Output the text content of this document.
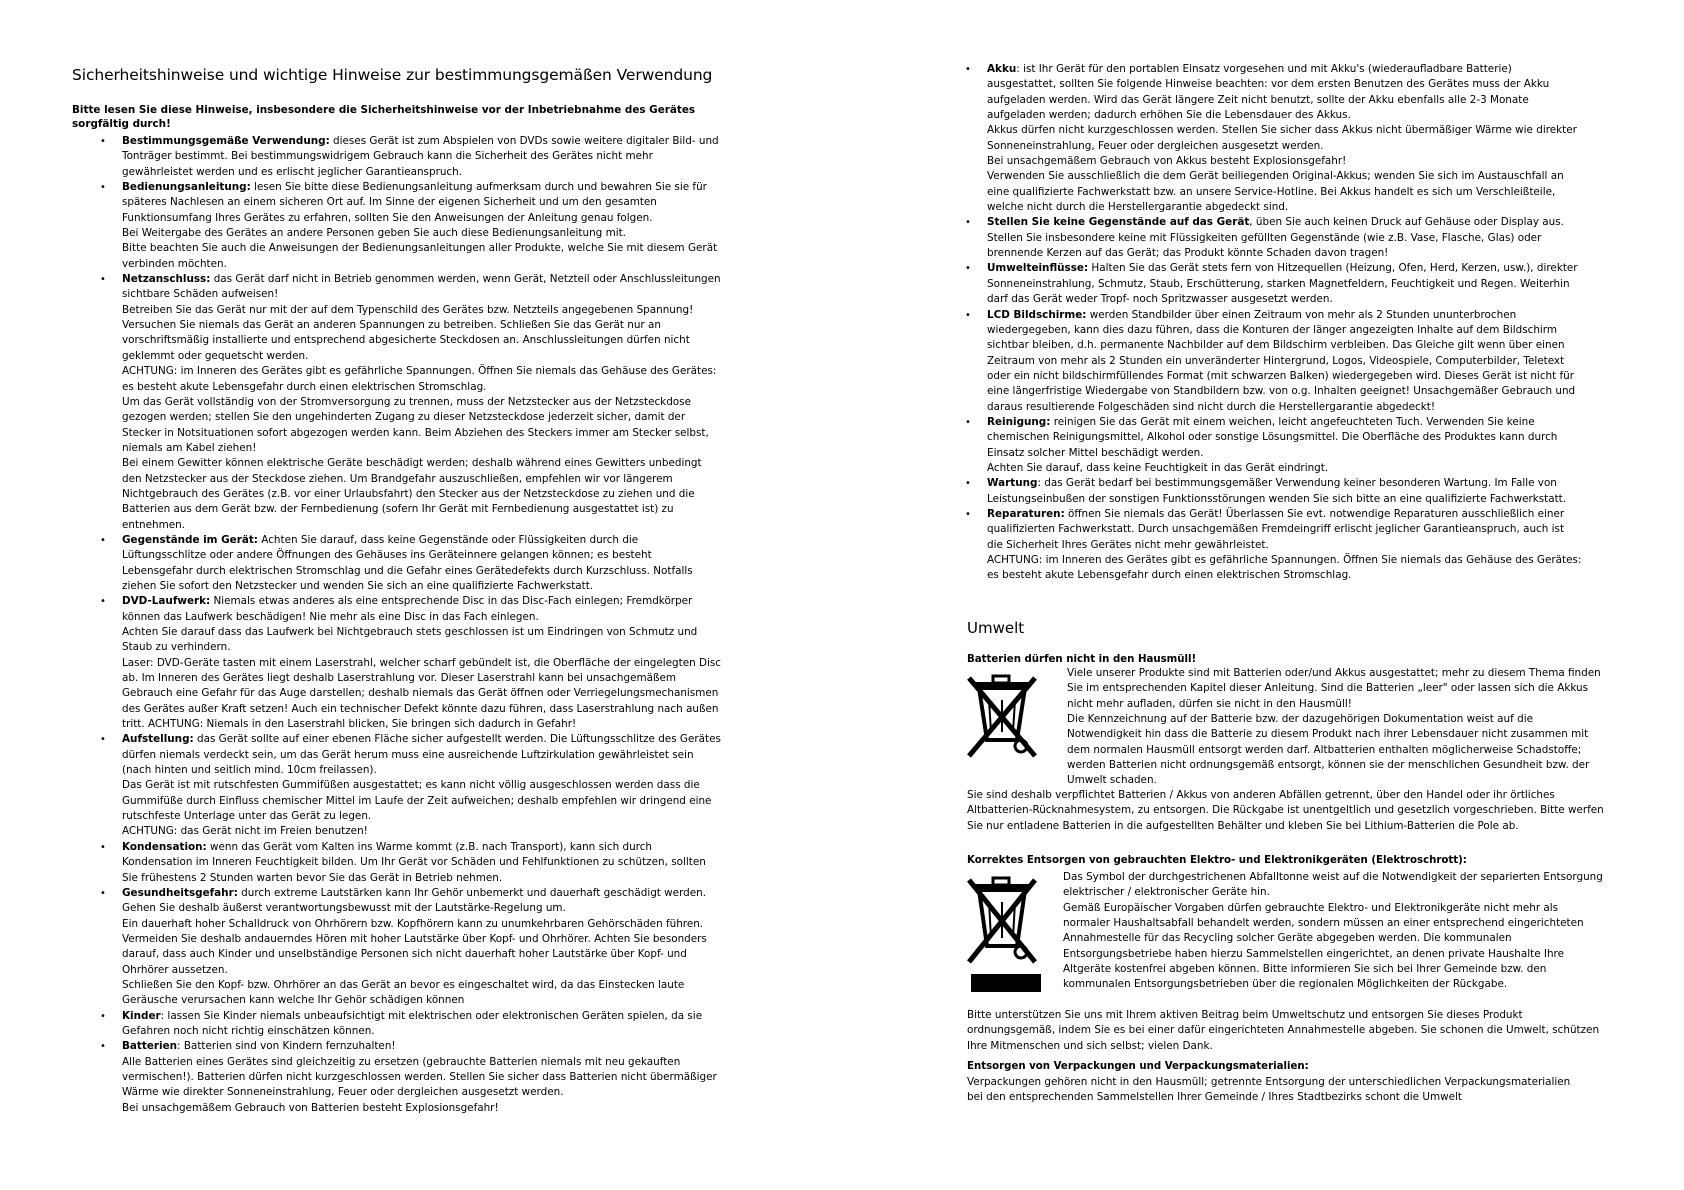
Sicherheitshinweise und wichtige Hinweise zur bestimmungsgemäßen Verwendung
Bitte lesen Sie diese Hinweise, insbesondere die Sicherheitshinweise vor der Inbetriebnahme des Gerätes sorgfältig durch!
• Bestimmungsgemäße Verwendung: dieses Gerät ist zum Abspielen von DVDs sowie weitere digitaler Bild- und Tonträger bestimmt. Bei bestimmungswidrigem Gebrauch kann die Sicherheit des Gerätes nicht mehr gewährleistet werden und es erlischt jeglicher Garantieanspruch.

• Bedienungsanleitung: lesen Sie bitte diese Bedienungsanleitung aufmerksam durch und bewahren Sie sie für späteres Nachlesen an einem sicheren Ort auf. Im Sinne der eigenen Sicherheit und um den gesamten Funktionsumfang Ihres Gerätes zu erfahren, sollten Sie den Anweisungen der Anleitung genau folgen.

Bei Weitergabe des Gerätes an andere Personen geben Sie auch diese Bedienungsanleitung mit.

Bitte beachten Sie auch die Anweisungen der Bedienungsanleitungen aller Produkte, welche Sie mit diesem Gerät verbinden möchten.

• Netzanschluss: das Gerät darf nicht in Betrieb genommen werden, wenn Gerät, Netzteil oder Anschlussleitungen sichtbare Schäden aufweisen!

Betreiben Sie das Gerät nur mit der auf dem Typenschild des Gerätes bzw. Netzteils angegebenen Spannung! Versuchen Sie niemals das Gerät an anderen Spannungen zu betreiben. Schließen Sie das Gerät nur an vorschriftsmäßig installierte und entsprechend abgesicherte Steckdosen an. Anschlussleitungen dürfen nicht geklemmt oder gequetscht werden.

ACHTUNG: im Inneren des Gerätes gibt es gefährliche Spannungen. Öffnen Sie niemals das Gehäuse des Gerätes: es besteht akute Lebensgefahr durch einen elektrischen Stromschlag.

Um das Gerät vollständig von der Stromversorgung zu trennen, muss der Netzstecker aus der Netzsteckdose gezogen werden; stellen Sie den ungehinderten Zugang zu dieser Netzsteckdose jederzeit sicher, damit der Stecker in Notsituationen sofort abgezogen werden kann. Beim Abziehen des Steckers immer am Stecker selbst, niemals am Kabel ziehen!

Bei einem Gewitter können elektrische Geräte beschädigt werden; deshalb während eines Gewitters unbedingt den Netzstecker aus der Steckdose ziehen. Um Brandgefahr auszuschließen, empfehlen wir vor längerem Nichtgebrauch des Gerätes (z.B. vor einer Urlaubsfahrt) den Stecker aus der Netzsteckdose zu ziehen und die Batterien aus dem Gerät bzw. der Fernbedienung (sofern Ihr Gerät mit Fernbedienung ausgestattet ist) zu entnehmen.

• Gegenstände im Gerät: Achten Sie darauf, dass keine Gegenstände oder Flüssigkeiten durch die Lüftungsschlitze oder andere Öffnungen des Gehäuses ins Geräteinnere gelangen können; es besteht Lebensgefahr durch elektrischen Stromschlag und die Gefahr eines Gerätedefekts durch Kurzschluss. Notfalls ziehen Sie sofort den Netzstecker und wenden Sie sich an eine qualifizierte Fachwerkstatt.

• DVD-Laufwerk: Niemals etwas anderes als eine entsprechende Disc in das Disc-Fach einlegen; Fremdkörper können das Laufwerk beschädigen! Nie mehr als eine Disc in das Fach einlegen.

Achten Sie darauf dass das Laufwerk bei Nichtgebrauch stets geschlossen ist um Eindringen von Schmutz und Staub zu verhindern.

Laser: DVD-Geräte tasten mit einem Laserstrahl, welcher scharf gebündelt ist, die Oberfläche der eingelegten Disc ab. Im Inneren des Gerätes liegt deshalb Laserstrahlung vor. Dieser Laserstrahl kann bei unsachgemäßem Gebrauch eine Gefahr für das Auge darstellen; deshalb niemals das Gerät öffnen oder Verriegelungsmechanismen des Gerätes außer Kraft setzen! Auch ein technischer Defekt könnte dazu führen, dass Laserstrahlung nach außen tritt. ACHTUNG: Niemals in den Laserstrahl blicken, Sie bringen sich dadurch in Gefahr!

• Aufstellung: das Gerät sollte auf einer ebenen Fläche sicher aufgestellt werden. Die Lüftungsschlitze des Gerätes dürfen niemals verdeckt sein, um das Gerät herum muss eine ausreichende Luftzirkulation gewährleistet sein (nach hinten und seitlich mind. 10cm freilassen).

Das Gerät ist mit rutschfesten Gummifüßen ausgestattet; es kann nicht völlig ausgeschlossen werden dass die Gummifüße durch Einfluss chemischer Mittel im Laufe der Zeit aufweichen; deshalb empfehlen wir dringend eine rutschfeste Unterlage unter das Gerät zu legen.

ACHTUNG: das Gerät nicht im Freien benutzen!

• Kondensation: wenn das Gerät vom Kalten ins Warme kommt (z.B. nach Transport), kann sich durch Kondensation im Inneren Feuchtigkeit bilden. Um Ihr Gerät vor Schäden und Fehlfunktionen zu schützen, sollten Sie frühestens 2 Stunden warten bevor Sie das Gerät in Betrieb nehmen.

• Gesundheitsgefahr: durch extreme Lautstärken kann Ihr Gehör unbemerkt und dauerhaft geschädigt werden. Gehen Sie deshalb äußerst verantwortungsbewusst mit der Lautstärke-Regelung um.

Ein dauerhaft hoher Schalldruck von Ohrhörern bzw. Kopfhörern kann zu unumkehrbaren Gehörschäden führen. Vermeiden Sie deshalb andauerndes Hören mit hoher Lautstärke über Kopf- und Ohrhörer. Achten Sie besonders darauf, dass auch Kinder und unselbständige Personen sich nicht dauerhaft hoher Lautstärke über Kopf- und Ohrhörer aussetzen.

Schließen Sie den Kopf- bzw. Ohrhörer an das Gerät an bevor es eingeschaltet wird, da das Einstecken laute Geräusche verursachen kann welche Ihr Gehör schädigen können

• Kinder: lassen Sie Kinder niemals unbeaufsichtigt mit elektrischen oder elektronischen Geräten spielen, da sie Gefahren noch nicht richtig einschätzen können.

• Batterien: Batterien sind von Kindern fernzuhalten!

Alle Batterien eines Gerätes sind gleichzeitig zu ersetzen (gebrauchte Batterien niemals mit neu gekauften vermischen!). Batterien dürfen nicht kurzgeschlossen werden. Stellen Sie sicher dass Batterien nicht übermäßiger Wärme wie direkter Sonneneinstrahlung, Feuer oder dergleichen ausgesetzt werden.

Bei unsachgemäßem Gebrauch von Batterien besteht Explosionsgefahr!

• Akku: ist Ihr Gerät für den portablen Einsatz vorgesehen und mit Akku's (wiederaufladbare Batterie) ausgestattet, sollten Sie folgende Hinweise beachten: vor dem ersten Benutzen des Gerätes muss der Akku aufgeladen werden. Wird das Gerät längere Zeit nicht benutzt, sollte der Akku ebenfalls alle 2-3 Monate aufgeladen werden; dadurch erhöhen Sie die Lebensdauer des Akkus.

Akkus dürfen nicht kurzgeschlossen werden. Stellen Sie sicher dass Akkus nicht übermäßiger Wärme wie direkter Sonneneinstrahlung, Feuer oder dergleichen ausgesetzt werden.

Bei unsachgemäßem Gebrauch von Akkus besteht Explosionsgefahr!

Verwenden Sie ausschließlich die dem Gerät beiliegenden Original-Akkus; wenden Sie sich im Austauschfall an eine qualifizierte Fachwerkstatt bzw. an unsere Service-Hotline. Bei Akkus handelt es sich um Verschleißteile, welche nicht durch die Herstellergarantie abgedeckt sind.

• Stellen Sie keine Gegenstände auf das Gerät, üben Sie auch keinen Druck auf Gehäuse oder Display aus. Stellen Sie insbesondere keine mit Flüssigkeiten gefüllten Gegenstände (wie z.B. Vase, Flasche, Glas) oder brennende Kerzen auf das Gerät; das Produkt könnte Schaden davon tragen!

• Umwelteinflüsse: Halten Sie das Gerät stets fern von Hitzequellen (Heizung, Ofen, Herd, Kerzen, usw.), direkter Sonneneinstrahlung, Schmutz, Staub, Erschütterung, starken Magnetfeldern, Feuchtigkeit und Regen. Weiterhin darf das Gerät weder Tropf- noch Spritzwasser ausgesetzt werden.

• LCD Bildschirme: werden Standbilder über einen Zeitraum von mehr als 2 Stunden ununterbrochen wiedergegeben, kann dies dazu führen, dass die Konturen der länger angezeigten Inhalte auf dem Bildschirm sichtbar bleiben, d.h. permanente Nachbilder auf dem Bildschirm verbleiben. Das Gleiche gilt wenn über einen Zeitraum von mehr als 2 Stunden ein unveränderter Hintergrund, Logos, Videospiele, Computerbilder, Teletext oder ein nicht bildschirmfüllendes Format (mit schwarzen Balken) wiedergegeben wird. Dieses Gerät ist nicht für eine längerfristige Wiedergabe von Standbildern bzw. von o.g. Inhalten geeignet! Unsachgemäßer Gebrauch und daraus resultierende Folgeschäden sind nicht durch die Herstellergarantie abgedeckt!

• Reinigung: reinigen Sie das Gerät mit einem weichen, leicht angefeuchteten Tuch. Verwenden Sie keine chemischen Reinigungsmittel, Alkohol oder sonstige Lösungsmittel. Die Oberfläche des Produktes kann durch Einsatz solcher Mittel beschädigt werden.

Achten Sie darauf, dass keine Feuchtigkeit in das Gerät eindringt.

• Wartung: das Gerät bedarf bei bestimmungsgemäßer Verwendung keiner besonderen Wartung. Im Falle von Leistungseinbußen der sonstigen Funktionsstörungen wenden Sie sich bitte an eine qualifizierte Fachwerkstatt.

• Reparaturen: öffnen Sie niemals das Gerät! Überlassen Sie evt. notwendige Reparaturen ausschließlich einer qualifizierten Fachwerkstatt. Durch unsachgemäßen Fremdeingriff erlischt jeglicher Garantieanspruch, auch ist die Sicherheit Ihres Gerätes nicht mehr gewährleistet.

ACHTUNG: im Inneren des Gerätes gibt es gefährliche Spannungen. Öffnen Sie niemals das Gehäuse des Gerätes: es besteht akute Lebensgefahr durch einen elektrischen Stromschlag.

Umwelt
Batterien dürfen nicht in den Hausmüll!

Viele unserer Produkte sind mit Batterien oder/und Akkus ausgestattet; mehr zu diesem Thema finden Sie im entsprechenden Kapitel dieser Anleitung. Sind die Batterien „leer" oder lassen sich die Akkus nicht mehr aufladen, dürfen sie nicht in den Hausmüll!

Die Kennzeichnung auf der Batterie bzw. der dazugehörigen Dokumentation weist auf die Notwendigkeit hin dass die Batterie zu diesem Produkt nach ihrer Lebensdauer nicht zusammen mit dem normalen Hausmüll entsorgt werden darf. Altbatterien enthalten möglicherweise Schadstoffe; werden Batterien nicht ordnungsgemäß entsorgt, können sie der menschlichen Gesundheit bzw. der Umwelt schaden.

Sie sind deshalb verpflichtet Batterien / Akkus von anderen Abfällen getrennt, über den Handel oder ihr örtliches Altbatterien-Rücknahmesystem, zu entsorgen. Die Rückgabe ist unentgeltlich und gesetzlich vorgeschrieben. Bitte werfen Sie nur entladene Batterien in die aufgestellten Behälter und kleben Sie bei Lithium-Batterien die Pole ab.
Korrektes Entsorgen von gebrauchten Elektro- und Elektronikgeräten (Elektroschrott):

Das Symbol der durchgestrichenen Abfalltonne weist auf die Notwendigkeit der separierten Entsorgung elektrischer / elektronischer Geräte hin.

Gemäß Europäischer Vorgaben dürfen gebrauchte Elektro- und Elektronikgeräte nicht mehr als normaler Haushaltsabfall behandelt werden, sondern müssen an einer entsprechend eingerichteten Annahmestelle für das Recycling solcher Geräte abgegeben werden. Die kommunalen Entsorgungsbetriebe haben hierzu Sammelstellen eingerichtet, an denen private Haushalte Ihre Altgeräte kostenfrei abgeben können. Bitte informieren Sie sich bei Ihrer Gemeinde bzw. den kommunalen Entsorgungsbetrieben über die regionalen Möglichkeiten der Rückgabe.

Bitte unterstützen Sie uns mit Ihrem aktiven Beitrag beim Umweltschutz und entsorgen Sie dieses Produkt ordnungsgemäß, indem Sie es bei einer dafür eingerichteten Annahmestelle abgeben. Sie schonen die Umwelt, schützen Ihre Mitmenschen und sich selbst; vielen Dank.
Entsorgen von Verpackungen und Verpackungsmaterialien:
Verpackungen gehören nicht in den Hausmüll; getrennte Entsorgung der unterschiedlichen Verpackungsmaterialien bei den entsprechenden Sammelstellen Ihrer Gemeinde / Ihres Stadtbezirks schont die Umwelt
